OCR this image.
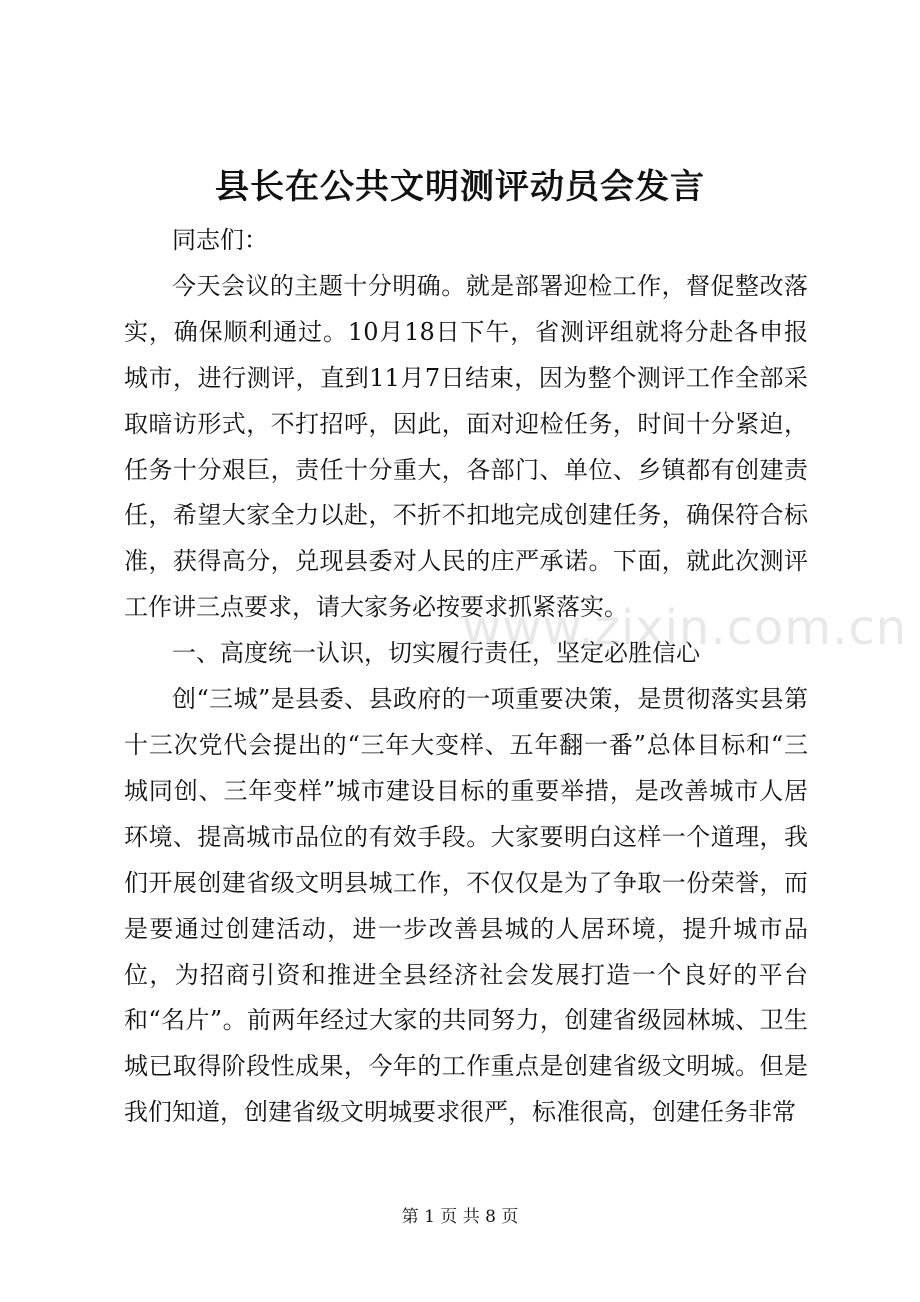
县长在公共文明测评动员会发言

同志们：

今天会议的主题十分明确。就是部署迎检工作，督促整改落实，确保顺利通过。10月18日下午，省测评组就将分赴各申报城市，进行测评，直到11月7日结束，因为整个测评工作全部采取暗访形式，不打招呼，因此，面对迎检任务，时间十分紧迫，任务十分艰巨，责任十分重大，各部门、单位、乡镇都有创建责任，希望大家全力以赴，不折不扣地完成创建任务，确保符合标准，获得高分，兑现县委对人民的庄严承诺。下面，就此次测评工作讲三点要求，请大家务必按要求抓紧落实。

一、高度统一认识，切实履行责任，坚定必胜信心

创“三城”是县委、县政府的一项重要决策，是贯彻落实县第十三次党代会提出的“三年大变样、五年翻一番”总体目标和“三城同创、三年变样”城市建设目标的重要举措，是改善城市人居环境、提高城市品位的有效手段。大家要明白这样一个道理，我们开展创建省级文明县城工作，不仅仅是为了争取一份荣誉，而是要通过创建活动，进一步改善县城的人居环境，提升城市品位，为招商引资和推进全县经济社会发展打造一个良好的平台和“名片”。前两年经过大家的共同努力，创建省级园林城、卫生城已取得阶段性成果，今年的工作重点是创建省级文明城。但是我们知道，创建省级文明城要求很严，标准很高，创建任务非常

www.zixin.com.cn
第 1 页 共 8 页
